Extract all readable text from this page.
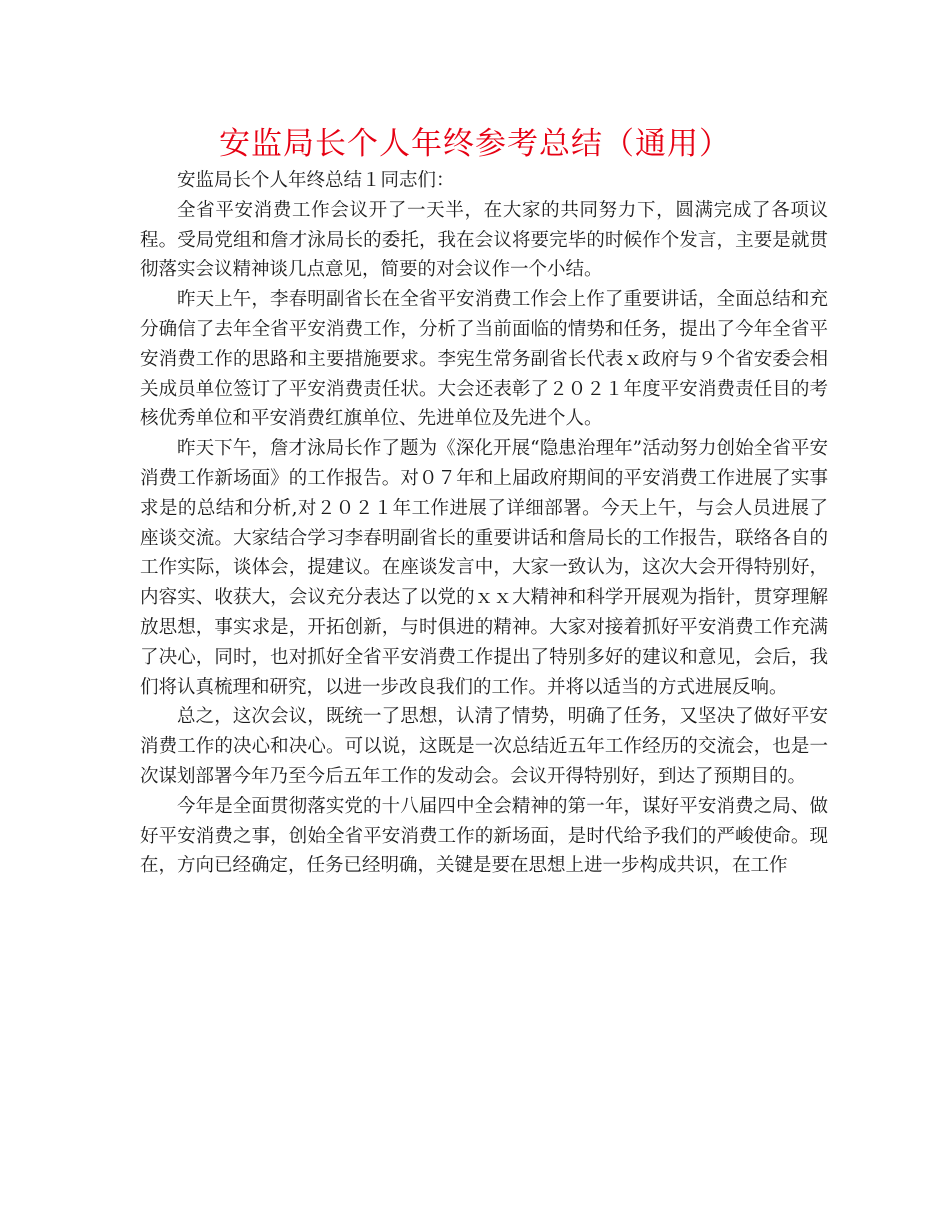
安监局长个人年终参考总结（通用）

安监局长个人年终总结１同志们：

全省平安消费工作会议开了一天半，在大家的共同努力下，圆满完成了各项议程。受局党组和詹才泳局长的委托，我在会议将要完毕的时候作个发言，主要是就贯彻落实会议精神谈几点意见，简要的对会议作一个小结。

昨天上午，李春明副省长在全省平安消费工作会上作了重要讲话，全面总结和充分确信了去年全省平安消费工作，分析了当前面临的情势和任务，提出了今年全省平安消费工作的思路和主要措施要求。李宪生常务副省长代表ｘ政府与９个省安委会相关成员单位签订了平安消费责任状。大会还表彰了２０２１年度平安消费责任目的考核优秀单位和平安消费红旗单位、先进单位及先进个人。

昨天下午，詹才泳局长作了题为《深化开展“隐患治理年”活动努力创始全省平安消费工作新场面》的工作报告。对０７年和上届政府期间的平安消费工作进展了实事求是的总结和分析,对２０２１年工作进展了详细部署。今天上午，与会人员进展了座谈交流。大家结合学习李春明副省长的重要讲话和詹局长的工作报告，联络各自的工作实际，谈体会，提建议。在座谈发言中，大家一致认为，这次大会开得特别好，内容实、收获大，会议充分表达了以党的ｘｘ大精神和科学开展观为指针，贯穿理解放思想，事实求是，开拓创新，与时俱进的精神。大家对接着抓好平安消费工作充满了决心，同时，也对抓好全省平安消费工作提出了特别多好的建议和意见，会后，我们将认真梳理和研究，以进一步改良我们的工作。并将以适当的方式进展反响。

总之，这次会议，既统一了思想，认清了情势，明确了任务，又坚决了做好平安消费工作的决心和决心。可以说，这既是一次总结近五年工作经历的交流会，也是一次谋划部署今年乃至今后五年工作的发动会。会议开得特别好，到达了预期目的。

今年是全面贯彻落实党的十八届四中全会精神的第一年，谋好平安消费之局、做好平安消费之事，创始全省平安消费工作的新场面，是时代给予我们的严峻使命。现在，方向已经确定，任务已经明确，关键是要在思想上进一步构成共识，在工作
